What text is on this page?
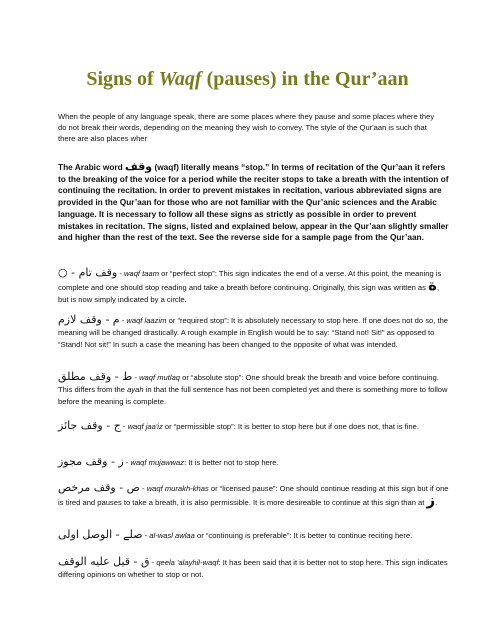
Signs of Waqf (pauses) in the Qur’aan
When the people of any language speak, there are some places where they pause and some places where they do not break their words, depending on the meaning they wish to convey. The style of the Qur'aan is such that there are also places wher
The Arabic word وقف (waqf) literally means “stop.” In terms of recitation of the Qur’aan it refers to the breaking of the voice for a period while the reciter stops to take a breath with the intention of continuing the recitation. In order to prevent mistakes in recitation, various abbreviated signs are provided in the Qur’aan for those who are not familiar with the Qur’anic sciences and the Arabic language. It is necessary to follow all these signs as strictly as possible in order to prevent mistakes in recitation. The signs, listed and explained below, appear in the Qur’aan slightly smaller and higher than the rest of the text. See the reverse side for a sample page from the Qur’aan.
○ - وقف تام - waqf taam or “perfect stop”: This sign indicates the end of a verse. At this point, the meaning is complete and one should stop reading and take a breath before continuing. Originally, this sign was written as ة, but is now simply indicated by a circle.
م - وقف لازم - waqf laazim or “required stop”: It is absolutely necessary to stop here. If one does not do so, the meaning will be changed drastically. A rough example in English would be to say: “Stand not! Sit!” as opposed to “Stand! Not sit!” In such a case the meaning has been changed to the opposite of what was intended.
ط - وقف مطلق - waqf mutlaq or “absolute stop”: One should break the breath and voice before continuing. This differs from the ayah in that the full sentence has not been completed yet and there is something more to follow before the meaning is complete.
ج - وقف جائز - waqf jaa'iz or “permissible stop”: It is better to stop here but if one does not, that is fine.
ز - وقف مجوز - waqf mujawwaz: It is better not to stop here.
ص - وقف مرخص - waqf murakh-khas or “licensed pause”: One should continue reading at this sign but if one is tired and pauses to take a breath, it is also permissible. It is more desireable to continue at this sign than at ز.
صلے - الوصل اولى - al-wasl awlaa or “continuing is preferable”: It is better to continue reciting here.
ق - قيل عليه الوقف - qeela 'alayhil-waqf: It has been said that it is better not to stop here. This sign indicates differing opinions on whether to stop or not.
